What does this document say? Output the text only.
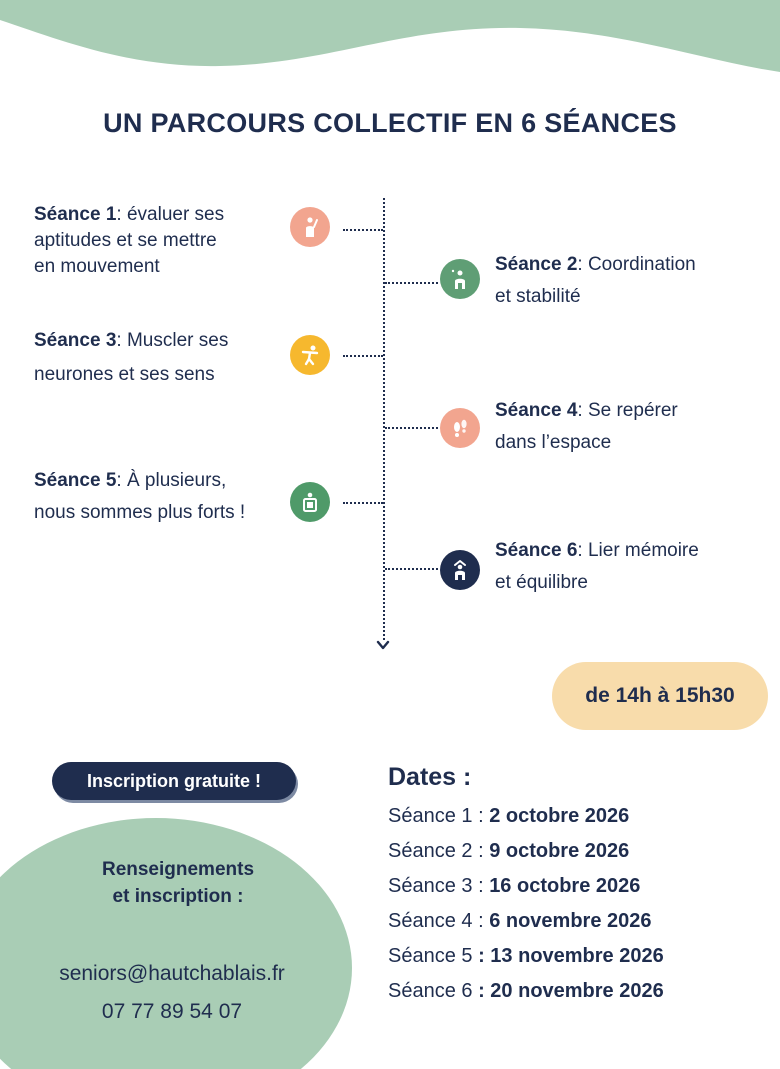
UN PARCOURS COLLECTIF EN 6 SÉANCES
Séance 1: évaluer ses
aptitudes et se mettre
en mouvement	Séance 2: Coordination
et stabilité
Séance 3: Muscler ses
neurones et ses sens
Séance 4: Se repérer
dans l’espace
Séance 5: À plusieurs,
nous sommes plus forts !
Séance 6: Lier mémoire
et équilibre
de 14h à 15h30
Inscription gratuite !
Renseignements
et inscription :
seniors@hautchablais.fr
07 77 89 54 07
Dates :
Séance 1 : 2 octobre 2026
Séance 2 : 9 octobre 2026
Séance 3 : 16 octobre 2026
Séance 4 : 6 novembre 2026
Séance 5 : 13 novembre 2026
Séance 6 : 20 novembre 2026
